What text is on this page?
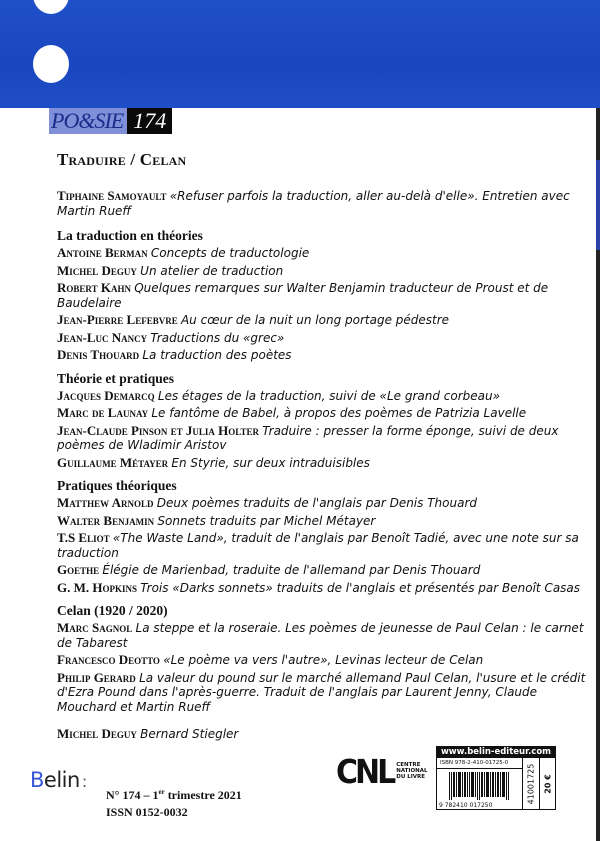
PO&SIE 174
Traduire / Celan
Tiphaine Samoyault «Refuser parfois la traduction, aller au-delà d'elle». Entretien avec Martin Rueff
La traduction en théories
Antoine Berman Concepts de traductologie
Michel Deguy Un atelier de traduction
Robert Kahn Quelques remarques sur Walter Benjamin traducteur de Proust et de Baudelaire
Jean-Pierre Lefebvre Au cœur de la nuit un long portage pédestre
Jean-Luc Nancy Traductions du «grec»
Denis Thouard La traduction des poètes
Théorie et pratiques
Jacques Demarcq Les étages de la traduction, suivi de «Le grand corbeau»
Marc de Launay Le fantôme de Babel, à propos des poèmes de Patrizia Lavelle
Jean-Claude Pinson et Julia Holter Traduire : presser la forme éponge, suivi de deux poèmes de Wladimir Aristov
Guillaume Métayer En Styrie, sur deux intraduisibles
Pratiques théoriques
Matthew Arnold Deux poèmes traduits de l'anglais par Denis Thouard
Walter Benjamin Sonnets traduits par Michel Métayer
T.S Eliot «The Waste Land», traduit de l'anglais par Benoît Tadié, avec une note sur sa traduction
Goethe Élégie de Marienbad, traduite de l'allemand par Denis Thouard
G. M. Hopkins Trois «Darks sonnets» traduits de l'anglais et présentés par Benoît Casas
Celan (1920 / 2020)
Marc Sagnol La steppe et la roseraie. Les poèmes de jeunesse de Paul Celan : le carnet de Tabarest
Francesco Deotto «Le poème va vers l'autre», Levinas lecteur de Celan
Philip Gerard La valeur du pound sur le marché allemand Paul Celan, l'usure et le crédit d'Ezra Pound dans l'après-guerre. Traduit de l'anglais par Laurent Jenny, Claude Mouchard et Martin Rueff
Michel Deguy Bernard Stiegler
Belin :
N° 174 – 1er trimestre 2021
ISSN 0152-0032
CNL CENTRE
NATIONAL
DU LIVRE
www.belin-editeur.com
ISBN 978-2-410-01725-0
9 782410 017250
41001725 20 €
